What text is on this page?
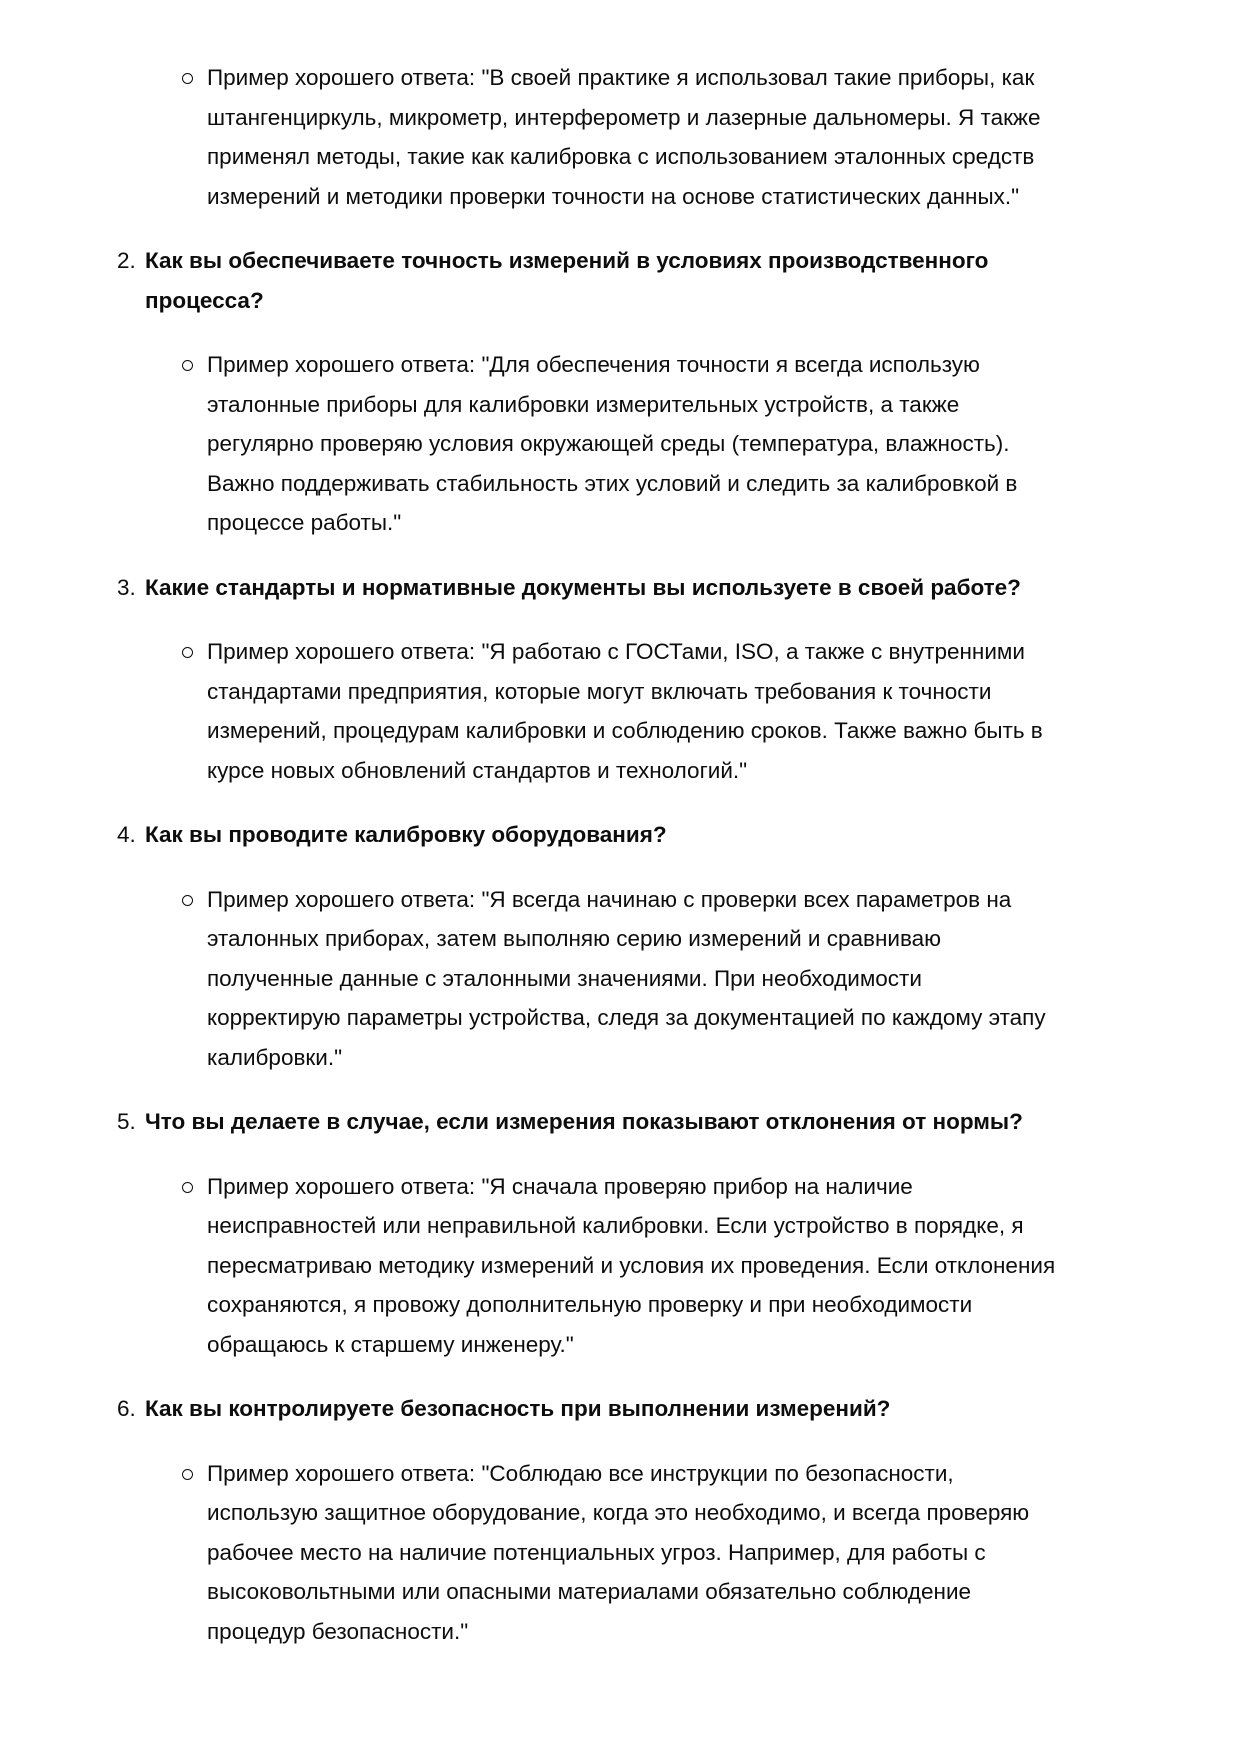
Пример хорошего ответа: "В своей практике я использовал такие приборы, как
штангенциркуль, микрометр, интерферометр и лазерные дальномеры. Я также
применял методы, такие как калибровка с использованием эталонных средств
измерений и методики проверки точности на основе статистических данных."
2. Как вы обеспечиваете точность измерений в условиях производственного
процесса?
Пример хорошего ответа: "Для обеспечения точности я всегда использую
эталонные приборы для калибровки измерительных устройств, а также
регулярно проверяю условия окружающей среды (температура, влажность).
Важно поддерживать стабильность этих условий и следить за калибровкой в
процессе работы."
3. Какие стандарты и нормативные документы вы используете в своей работе?
Пример хорошего ответа: "Я работаю с ГОСТами, ISO, а также с внутренними
стандартами предприятия, которые могут включать требования к точности
измерений, процедурам калибровки и соблюдению сроков. Также важно быть в
курсе новых обновлений стандартов и технологий."
4. Как вы проводите калибровку оборудования?
Пример хорошего ответа: "Я всегда начинаю с проверки всех параметров на
эталонных приборах, затем выполняю серию измерений и сравниваю
полученные данные с эталонными значениями. При необходимости
корректирую параметры устройства, следя за документацией по каждому этапу
калибровки."
5. Что вы делаете в случае, если измерения показывают отклонения от нормы?
Пример хорошего ответа: "Я сначала проверяю прибор на наличие
неисправностей или неправильной калибровки. Если устройство в порядке, я
пересматриваю методику измерений и условия их проведения. Если отклонения
сохраняются, я провожу дополнительную проверку и при необходимости
обращаюсь к старшему инженеру."
6. Как вы контролируете безопасность при выполнении измерений?
Пример хорошего ответа: "Соблюдаю все инструкции по безопасности,
использую защитное оборудование, когда это необходимо, и всегда проверяю
рабочее место на наличие потенциальных угроз. Например, для работы с
высоковольтными или опасными материалами обязательно соблюдение
процедур безопасности."
